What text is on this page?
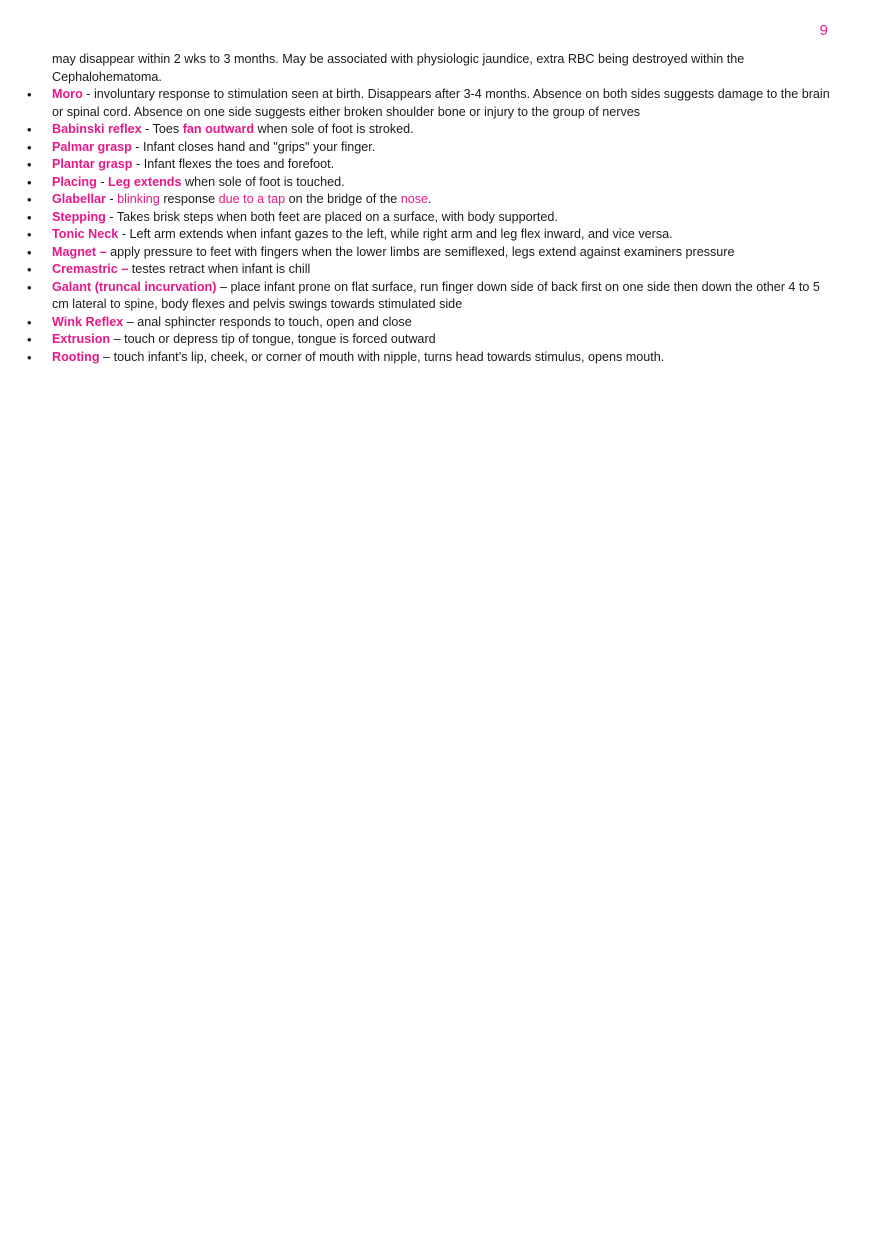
9

may disappear within 2 wks to 3 months. May be associated with physiologic jaundice, extra RBC being destroyed within the Cephalohematoma.

• Moro - involuntary response to stimulation seen at birth. Disappears after 3-4 months. Absence on both sides suggests damage to the brain or spinal cord. Absence on one side suggests either broken shoulder bone or injury to the group of nerves
• Babinski reflex - Toes fan outward when sole of foot is stroked.
• Palmar grasp - Infant closes hand and "grips" your finger.
• Plantar grasp - Infant flexes the toes and forefoot.
• Placing - Leg extends when sole of foot is touched.
• Glabellar - blinking response due to a tap on the bridge of the nose.
• Stepping - Takes brisk steps when both feet are placed on a surface, with body supported.
• Tonic Neck - Left arm extends when infant gazes to the left, while right arm and leg flex inward, and vice versa.
• Magnet – apply pressure to feet with fingers when the lower limbs are semiflexed, legs extend against examiners pressure
• Cremastric – testes retract when infant is chill
• Galant (truncal incurvation) – place infant prone on flat surface, run finger down side of back first on one side then down the other 4 to 5 cm lateral to spine, body flexes and pelvis swings towards stimulated side
• Wink Reflex – anal sphincter responds to touch, open and close
• Extrusion – touch or depress tip of tongue, tongue is forced outward
• Rooting – touch infant’s lip, cheek, or corner of mouth with nipple, turns head towards stimulus, opens mouth.
